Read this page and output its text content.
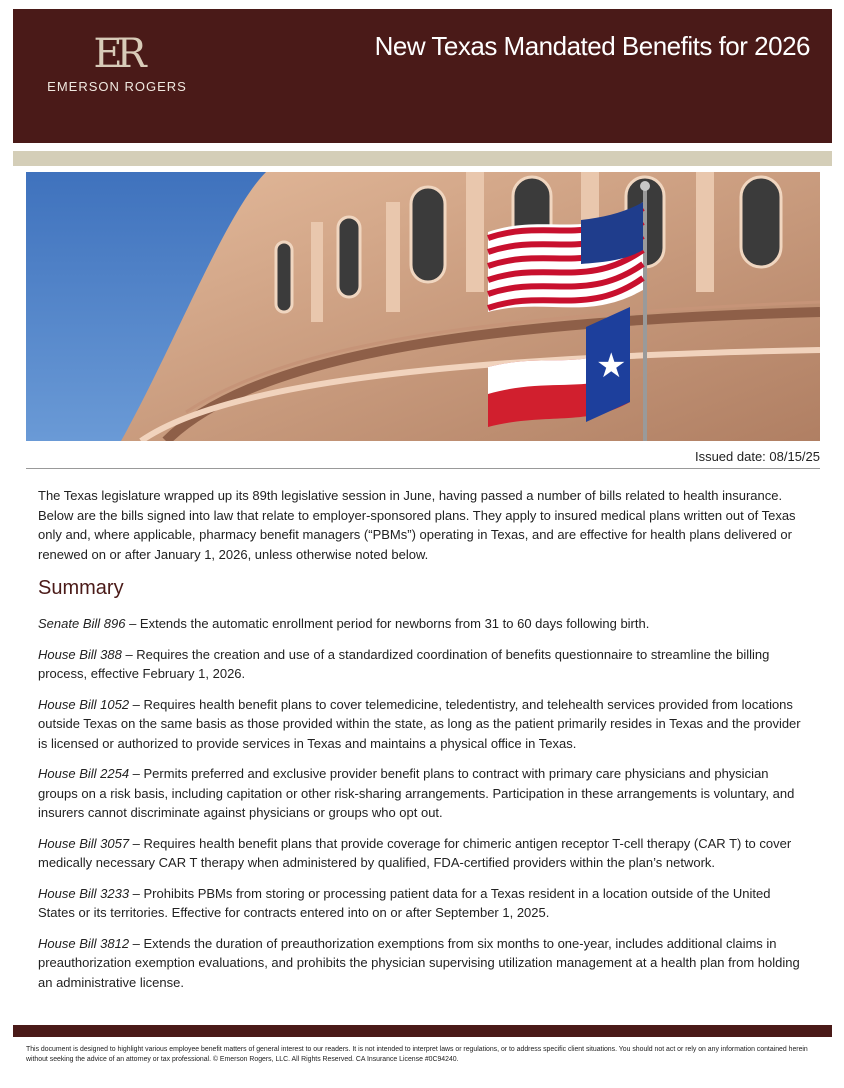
ER
EMERSON ROGERS
New Texas Mandated Benefits for 2026
★
Issued date: 08/15/25
The Texas legislature wrapped up its 89th legislative session in June, having passed a number of bills related to health insurance. Below are the bills signed into law that relate to employer-sponsored plans. They apply to insured medical plans written out of Texas only and, where applicable, pharmacy benefit managers (“PBMs”) operating in Texas, and are effective for health plans delivered or renewed on or after January 1, 2026, unless otherwise noted below.
Summary

Senate Bill 896 – Extends the automatic enrollment period for newborns from 31 to 60 days following birth.

House Bill 388 – Requires the creation and use of a standardized coordination of benefits questionnaire to streamline the billing process, effective February 1, 2026.

House Bill 1052 – Requires health benefit plans to cover telemedicine, teledentistry, and telehealth services provided from locations outside Texas on the same basis as those provided within the state, as long as the patient primarily resides in Texas and the provider is licensed or authorized to provide services in Texas and maintains a physical office in Texas.

House Bill 2254 – Permits preferred and exclusive provider benefit plans to contract with primary care physicians and physician groups on a risk basis, including capitation or other risk-sharing arrangements. Participation in these arrangements is voluntary, and insurers cannot discriminate against physicians or groups who opt out.

House Bill 3057 – Requires health benefit plans that provide coverage for chimeric antigen receptor T-cell therapy (CAR T) to cover medically necessary CAR T therapy when administered by qualified, FDA-certified providers within the plan’s network.

House Bill 3233 – Prohibits PBMs from storing or processing patient data for a Texas resident in a location outside of the United States or its territories. Effective for contracts entered into on or after September 1, 2025.

House Bill 3812 – Extends the duration of preauthorization exemptions from six months to one-year, includes additional claims in preauthorization exemption evaluations, and prohibits the physician supervising utilization management at a health plan from holding an administrative license.

This document is designed to highlight various employee benefit matters of general interest to our readers. It is not intended to interpret laws or regulations, or to address specific client situations. You should not act or rely on any information contained herein without seeking the advice of an attorney or tax professional. © Emerson Rogers, LLC. All Rights Reserved. CA Insurance License #0C94240.
